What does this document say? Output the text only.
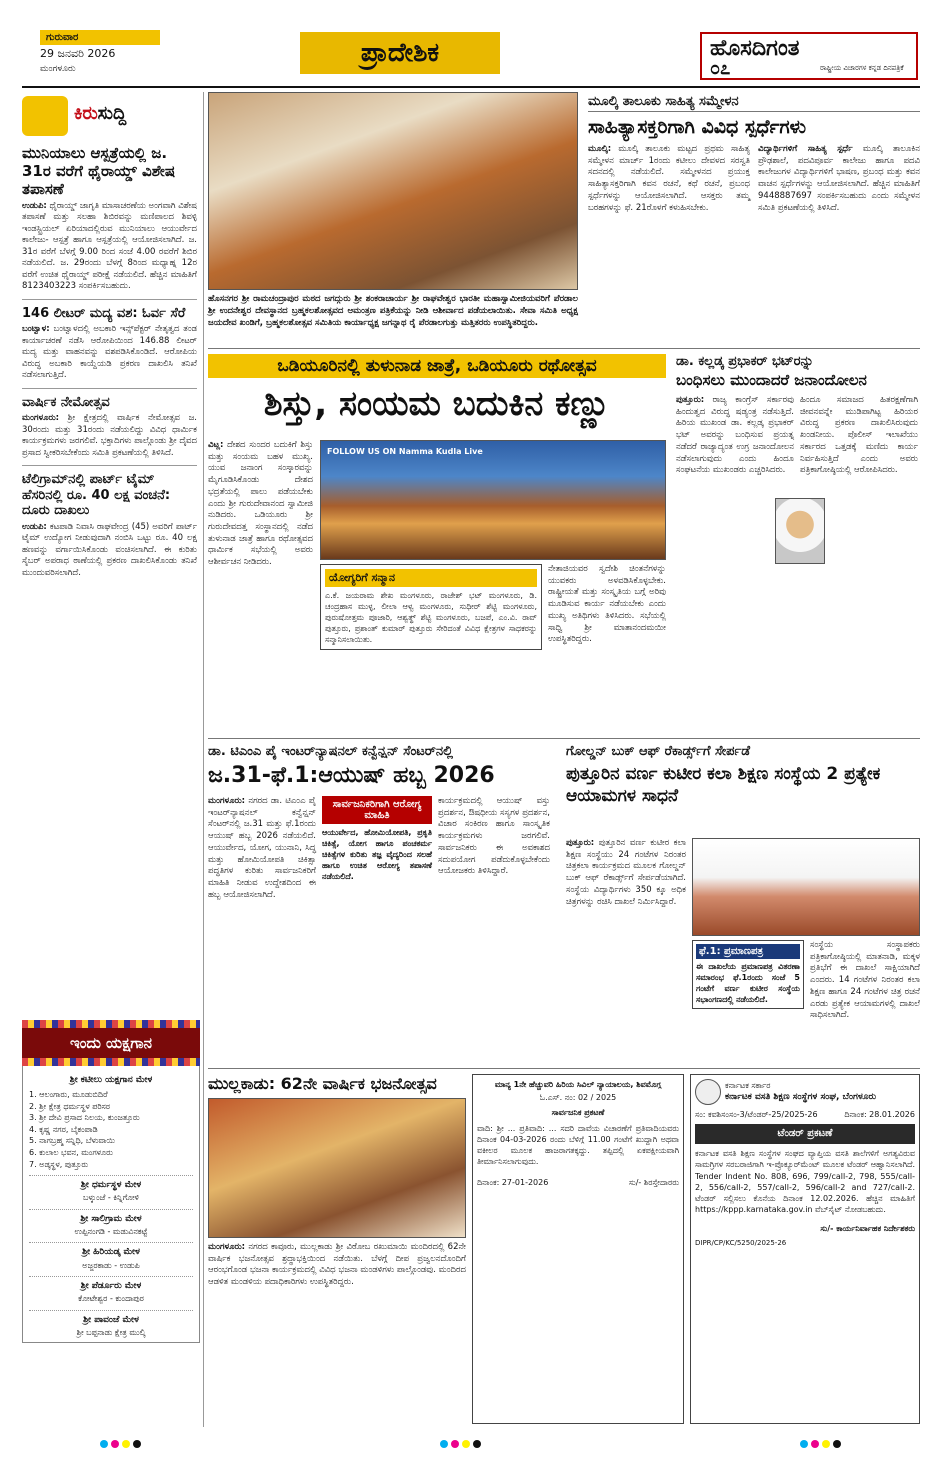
ಗುರುವಾರ
29 ಜನವರಿ 2026
ಮಂಗಳೂರು
ಪ್ರಾದೇಶಿಕ	ಹೊಸದಿಗಂತ
೦೭	ರಾಷ್ಟ್ರೀಯ ವಿಚಾರಗಳ ಕನ್ನಡ ದಿನಪತ್ರಿಕೆ
ಕಿರುಸುದ್ದಿ
ಮುನಿಯಾಲು ಆಸ್ಪತ್ರೆಯಲ್ಲಿ ಜ. 31ರ ವರೆಗೆ ಥೈರಾಯ್ಡ್ ವಿಶೇಷ ತಪಾಸಣೆ
ಉಡುಪಿ: ಥೈರಾಯ್ಡ್ ಜಾಗೃತಿ ಮಾಸಾಚರಣೆಯ ಅಂಗವಾಗಿ ವಿಶೇಷ ತಪಾಸಣೆ ಮತ್ತು ಸಲಹಾ ಶಿಬಿರವನ್ನು ಮಣಿಪಾಲದ ಶಿವಳ್ಳಿ ಇಂಡಸ್ಟ್ರಿಯಲ್ ಏರಿಯಾದಲ್ಲಿರುವ ಮುನಿಯಾಲು ಆಯುರ್ವೇದ ಕಾಲೇಜು- ಆಸ್ಪತ್ರೆ ಹಾಗೂ ಆಸ್ಪತ್ರೆಯಲ್ಲಿ ಆಯೋಜಿಸಲಾಗಿದೆ. ಜ. 31ರ ವರೆಗೆ ಬೆಳಗ್ಗೆ 9.00 ರಿಂದ ಸಂಜೆ 4.00 ರವರೆಗೆ ಶಿಬಿರ ನಡೆಯಲಿದೆ. ಜ. 29ರಂದು ಬೆಳಗ್ಗೆ 8ರಿಂದ ಮಧ್ಯಾಹ್ನ 12ರ ವರೆಗೆ ಉಚಿತ ಥೈರಾಯ್ಡ್ ಪರೀಕ್ಷೆ ನಡೆಯಲಿದೆ. ಹೆಚ್ಚಿನ ಮಾಹಿತಿಗೆ 8123403223 ಸಂಪರ್ಕಿಸಬಹುದು.
146 ಲೀಟರ್ ಮದ್ಯ ವಶ: ಓರ್ವ ಸೆರೆ
ಬಂಟ್ವಾಳ: ಬಂಟ್ವಾಳದಲ್ಲಿ ಅಬಕಾರಿ ಇನ್ಸ್‌ಪೆಕ್ಟರ್ ನೇತೃತ್ವದ ತಂಡ ಕಾರ್ಯಾಚರಣೆ ನಡೆಸಿ ಆರೋಪಿಯಿಂದ 146.88 ಲೀಟರ್ ಮದ್ಯ ಮತ್ತು ವಾಹನವನ್ನು ವಶಪಡಿಸಿಕೊಂಡಿದೆ. ಆರೋಪಿಯ ವಿರುದ್ಧ ಅಬಕಾರಿ ಕಾಯ್ದೆಯಡಿ ಪ್ರಕರಣ ದಾಖಲಿಸಿ ತನಿಖೆ ನಡೆಸಲಾಗುತ್ತಿದೆ.
ವಾರ್ಷಿಕ ನೇಮೋತ್ಸವ
ಮಂಗಳೂರು: ಶ್ರೀ ಕ್ಷೇತ್ರದಲ್ಲಿ ವಾರ್ಷಿಕ ನೇಮೋತ್ಸವ ಜ. 30ರಂದು ಮತ್ತು 31ರಂದು ನಡೆಯಲಿದ್ದು ವಿವಿಧ ಧಾರ್ಮಿಕ ಕಾರ್ಯಕ್ರಮಗಳು ಜರಗಲಿವೆ. ಭಕ್ತಾದಿಗಳು ಪಾಲ್ಗೊಂಡು ಶ್ರೀ ದೈವದ ಪ್ರಸಾದ ಸ್ವೀಕರಿಸಬೇಕೆಂದು ಸಮಿತಿ ಪ್ರಕಟಣೆಯಲ್ಲಿ ತಿಳಿಸಿದೆ.
ಟೆಲಿಗ್ರಾಮ್‌ನಲ್ಲಿ ಪಾರ್ಟ್ ಟೈಮ್ ಹೆಸರಿನಲ್ಲಿ ರೂ. 40 ಲಕ್ಷ ವಂಚನೆ: ದೂರು ದಾಖಲು
ಉಡುಪಿ: ಕಟಪಾಡಿ ನಿವಾಸಿ ರಾಘವೇಂದ್ರ (45) ಅವರಿಗೆ ಪಾರ್ಟ್ ಟೈಮ್ ಉದ್ಯೋಗ ನೀಡುವುದಾಗಿ ನಂಬಿಸಿ ಒಟ್ಟು ರೂ. 40 ಲಕ್ಷ ಹಣವನ್ನು ವರ್ಗಾಯಿಸಿಕೊಂಡು ವಂಚಿಸಲಾಗಿದೆ. ಈ ಕುರಿತು ಸೈಬರ್ ಅಪರಾಧ ಠಾಣೆಯಲ್ಲಿ ಪ್ರಕರಣ ದಾಖಲಿಸಿಕೊಂಡು ತನಿಖೆ ಮುಂದುವರಿಸಲಾಗಿದೆ.
ಇಂದು ಯಕ್ಷಗಾನ
ಶ್ರೀ ಕಟೀಲು ಯಕ್ಷಗಾನ ಮೇಳ
1. ಆಲಂಗಾರು, ಮೂಡುಬಿದಿರೆ
2. ಶ್ರೀ ಕ್ಷೇತ್ರ ಧರ್ಮಸ್ಥಳ ಪರಿಸರ
3. ಶ್ರೀ ದೇವಿ ಪ್ರಸಾದ ನಿಲಯ, ಕುಂಜತ್ತೂರು
4. ಕೃಷ್ಣ ನಗರ, ಬೈಕಂಪಾಡಿ
5. ನಾಗಬ್ರಹ್ಮ ಸನ್ನಿಧಿ, ಬೆಳುವಾಯಿ
6. ಕುಲಾಲ ಭವನ, ಮಂಗಳೂರು
7. ಅಡ್ಕಸ್ಥಳ, ಪುತ್ತೂರು
ಶ್ರೀ ಧರ್ಮಸ್ಥಳ ಮೇಳ
ಬಳ್ಕುಂಜೆ - ಕಿನ್ನಿಗೋಳಿ
ಶ್ರೀ ಸಾಲಿಗ್ರಾಮ ಮೇಳ
ಉಪ್ಪಿನಂಗಡಿ - ಮಡುವಿನಕಟ್ಟೆ
ಶ್ರೀ ಹಿರಿಯಡ್ಕ ಮೇಳ
ಅಜ್ಜರಕಾಡು - ಉಡುಪಿ
ಶ್ರೀ ಪೆರ್ಡೂರು ಮೇಳ
ಕೋಟೇಶ್ವರ - ಕುಂದಾಪುರ
ಶ್ರೀ ಪಾವಂಜೆ ಮೇಳ
ಶ್ರೀ ಬಪ್ಪನಾಡು ಕ್ಷೇತ್ರ ಮುಲ್ಕಿ
ಹೊಸನಗರ ಶ್ರೀ ರಾಮಚಂದ್ರಾಪುರ ಮಠದ ಜಗದ್ಗುರು ಶ್ರೀ ಶಂಕರಾಚಾರ್ಯ ಶ್ರೀ ರಾಘವೇಶ್ವರ ಭಾರತೀ ಮಹಾಸ್ವಾಮೀಜಿಯವರಿಗೆ ಪೆರಡಾಲ ಶ್ರೀ ಉದನೇಶ್ವರ ದೇವಸ್ಥಾನದ ಬ್ರಹ್ಮಕಲಶೋತ್ಸವದ ಆಮಂತ್ರಣ ಪತ್ರಿಕೆಯನ್ನು ನೀಡಿ ಆಶೀರ್ವಾದ ಪಡೆಯಲಾಯಿತು. ಸೇವಾ ಸಮಿತಿ ಅಧ್ಯಕ್ಷ ಜಯದೇವ ಖಂಡಿಗೆ, ಬ್ರಹ್ಮಕಲಶೋತ್ಸವ ಸಮಿತಿಯ ಕಾರ್ಯಾಧ್ಯಕ್ಷ ಜಗನ್ನಾಥ ರೈ ಪೆರಡಾಲಗುತ್ತು ಮತ್ತಿತರರು ಉಪಸ್ಥಿತರಿದ್ದರು.
ಮೂಲ್ಕಿ ತಾಲೂಕು ಸಾಹಿತ್ಯ ಸಮ್ಮೇಳನ
ಸಾಹಿತ್ಯಾಸಕ್ತರಿಗಾಗಿ ವಿವಿಧ ಸ್ಪರ್ಧೆಗಳು
ಮೂಲ್ಕಿ: ಮೂಲ್ಕಿ ತಾಲೂಕು ಮಟ್ಟದ ಪ್ರಥಮ ಸಾಹಿತ್ಯ ಸಮ್ಮೇಳನ ಮಾರ್ಚ್ 1ರಂದು ಕಟೀಲು ದೇವಳದ ಸರಸ್ವತಿ ಸದನದಲ್ಲಿ ನಡೆಯಲಿದೆ. ಸಮ್ಮೇಳನದ ಪ್ರಯುಕ್ತ ಸಾಹಿತ್ಯಾಸಕ್ತರಿಗಾಗಿ ಕವನ ರಚನೆ, ಕಥೆ ರಚನೆ, ಪ್ರಬಂಧ ಸ್ಪರ್ಧೆಗಳನ್ನು ಆಯೋಜಿಸಲಾಗಿದೆ. ಆಸಕ್ತರು ತಮ್ಮ ಬರಹಗಳನ್ನು ಫೆ. 21ರೊಳಗೆ ಕಳುಹಿಸಬೇಕು.
ವಿದ್ಯಾರ್ಥಿಗಳಿಗೆ ಸಾಹಿತ್ಯ ಸ್ಪರ್ಧೆ ಮೂಲ್ಕಿ ತಾಲೂಕಿನ ಪ್ರೌಢಶಾಲೆ, ಪದವಿಪೂರ್ವ ಕಾಲೇಜು ಹಾಗೂ ಪದವಿ ಕಾಲೇಜುಗಳ ವಿದ್ಯಾರ್ಥಿಗಳಿಗೆ ಭಾಷಣ, ಪ್ರಬಂಧ ಮತ್ತು ಕವನ ವಾಚನ ಸ್ಪರ್ಧೆಗಳನ್ನು ಆಯೋಜಿಸಲಾಗಿದೆ. ಹೆಚ್ಚಿನ ಮಾಹಿತಿಗೆ 9448887697 ಸಂಪರ್ಕಿಸಬಹುದು ಎಂದು ಸಮ್ಮೇಳನ ಸಮಿತಿ ಪ್ರಕಟಣೆಯಲ್ಲಿ ತಿಳಿಸಿದೆ.
ಒಡಿಯೂರಿನಲ್ಲಿ ತುಳುನಾಡ ಜಾತ್ರೆ, ಒಡಿಯೂರು ರಥೋತ್ಸವ
ಶಿಸ್ತು, ಸಂಯಮ ಬದುಕಿನ ಕಣ್ಣು
ವಿಟ್ಲ: ದೇಶದ ಸುಂದರ ಬದುಕಿಗೆ ಶಿಸ್ತು ಮತ್ತು ಸಂಯಮ ಬಹಳ ಮುಖ್ಯ. ಯುವ ಜನಾಂಗ ಸಂಸ್ಕಾರವನ್ನು ಮೈಗೂಡಿಸಿಕೊಂಡು ದೇಶದ ಭದ್ರತೆಯಲ್ಲಿ ಪಾಲು ಪಡೆಯಬೇಕು ಎಂದು ಶ್ರೀ ಗುರುದೇವಾನಂದ ಸ್ವಾಮೀಜಿ ನುಡಿದರು. ಒಡಿಯೂರು ಶ್ರೀ ಗುರುದೇವದತ್ತ ಸಂಸ್ಥಾನದಲ್ಲಿ ನಡೆದ ತುಳುನಾಡ ಜಾತ್ರೆ ಹಾಗೂ ರಥೋತ್ಸವದ ಧಾರ್ಮಿಕ ಸಭೆಯಲ್ಲಿ ಅವರು ಆಶೀರ್ವಚನ ನೀಡಿದರು.
FOLLOW US ON Namma Kudla Live
ಯೋಗ್ಯರಿಗೆ ಸನ್ಮಾನ
ಎ.ಕೆ. ಜಯರಾಮ ಶೇಖ ಮಂಗಳೂರು, ರಾಜೇಶ್ ಭಟ್ ಮಂಗಳೂರು, ಡಿ. ಚಂದ್ರಹಾಸ ಮುಳ್ಳ, ಲೀಲಾ ಆಳ್ವ ಮಂಗಳೂರು, ಸುಧೀರ್ ಶೆಟ್ಟಿ ಮಂಗಳೂರು, ಪುರುಷೋತ್ತಮ ಪೂಜಾರಿ, ಆಶ್ವತ್ಥ್ ಶೆಟ್ಟಿ ಮಂಗಳೂರು, ಬಜಪೆ, ಎಂ.ವಿ. ರಾವ್ ಪುತ್ತೂರು, ಪ್ರಶಾಂತ್ ಕುಮಾರ್ ಪುತ್ತೂರು ಸೇರಿದಂತೆ ವಿವಿಧ ಕ್ಷೇತ್ರಗಳ ಸಾಧಕರನ್ನು ಸನ್ಮಾನಿಸಲಾಯಿತು.
ನೇತಾಜಿಯವರ ಸ್ವದೇಶಿ ಚಿಂತನೆಗಳನ್ನು ಯುವಕರು ಅಳವಡಿಸಿಕೊಳ್ಳಬೇಕು. ರಾಷ್ಟ್ರೀಯತೆ ಮತ್ತು ಸಂಸ್ಕೃತಿಯ ಬಗ್ಗೆ ಅರಿವು ಮೂಡಿಸುವ ಕಾರ್ಯ ನಡೆಯಬೇಕು ಎಂದು ಮುಖ್ಯ ಅತಿಥಿಗಳು ತಿಳಿಸಿದರು. ಸಭೆಯಲ್ಲಿ ಸಾಧ್ವಿ ಶ್ರೀ ಮಾತಾನಂದಮಯೀ ಉಪಸ್ಥಿತರಿದ್ದರು.
ಡಾ. ಕಲ್ಲಡ್ಕ ಪ್ರಭಾಕರ್ ಭಟ್‌ರನ್ನು
ಬಂಧಿಸಲು ಮುಂದಾದರೆ ಜನಾಂದೋಲನ
ಪುತ್ತೂರು: ರಾಜ್ಯ ಕಾಂಗ್ರೆಸ್ ಸರ್ಕಾರವು ಹಿಂದುತ್ವದ ವಿರುದ್ಧ ಷಡ್ಯಂತ್ರ ನಡೆಸುತ್ತಿದೆ. ಹಿರಿಯ ಮುಖಂಡ ಡಾ. ಕಲ್ಲಡ್ಕ ಪ್ರಭಾಕರ್ ಭಟ್ ಅವರನ್ನು ಬಂಧಿಸುವ ಪ್ರಯತ್ನ ನಡೆದರೆ ರಾಜ್ಯಾದ್ಯಂತ ಉಗ್ರ ಜನಾಂದೋಲನ ನಡೆಸಲಾಗುವುದು ಎಂದು ಹಿಂದೂ ಸಂಘಟನೆಯ ಮುಖಂಡರು ಎಚ್ಚರಿಸಿದರು.
ಹಿಂದೂ ಸಮಾಜದ ಹಿತರಕ್ಷಣೆಗಾಗಿ ಜೀವನವನ್ನೇ ಮುಡಿಪಾಗಿಟ್ಟ ಹಿರಿಯರ ವಿರುದ್ಧ ಪ್ರಕರಣ ದಾಖಲಿಸಿರುವುದು ಖಂಡನೀಯ. ಪೊಲೀಸ್ ಇಲಾಖೆಯು ಸರ್ಕಾರದ ಒತ್ತಡಕ್ಕೆ ಮಣಿದು ಕಾರ್ಯ ನಿರ್ವಹಿಸುತ್ತಿದೆ ಎಂದು ಅವರು ಪತ್ರಿಕಾಗೋಷ್ಠಿಯಲ್ಲಿ ಆರೋಪಿಸಿದರು.
ಡಾ. ಟಿಎಂಎ ಪೈ ಇಂಟರ್‌ನ್ಯಾಷನಲ್ ಕನ್ವೆನ್ಷನ್ ಸೆಂಟರ್‌ನಲ್ಲಿ
ಜ.31-ಫೆ.1:ಆಯುಷ್ ಹಬ್ಬ 2026
ಮಂಗಳೂರು: ನಗರದ ಡಾ. ಟಿಎಂಎ ಪೈ ಇಂಟರ್‌ನ್ಯಾಷನಲ್ ಕನ್ವೆನ್ಷನ್ ಸೆಂಟರ್‌ನಲ್ಲಿ ಜ.31 ಮತ್ತು ಫೆ.1ರಂದು ಆಯುಷ್ ಹಬ್ಬ 2026 ನಡೆಯಲಿದೆ. ಆಯುರ್ವೇದ, ಯೋಗ, ಯುನಾನಿ, ಸಿದ್ಧ ಮತ್ತು ಹೋಮಿಯೋಪತಿ ಚಿಕಿತ್ಸಾ ಪದ್ಧತಿಗಳ ಕುರಿತು ಸಾರ್ವಜನಿಕರಿಗೆ ಮಾಹಿತಿ ನೀಡುವ ಉದ್ದೇಶದಿಂದ ಈ ಹಬ್ಬ ಆಯೋಜಿಸಲಾಗಿದೆ.
ಸಾರ್ವಜನಿಕರಿಗಾಗಿ ಆರೋಗ್ಯ ಮಾಹಿತಿ
ಆಯುರ್ವೇದ, ಹೋಮಿಯೋಪತಿ, ಪ್ರಕೃತಿ ಚಿಕಿತ್ಸೆ, ಯೋಗ ಹಾಗೂ ಪಂಚಕರ್ಮ ಚಿಕಿತ್ಸೆಗಳ ಕುರಿತು ತಜ್ಞ ವೈದ್ಯರಿಂದ ಸಲಹೆ ಹಾಗೂ ಉಚಿತ ಆರೋಗ್ಯ ತಪಾಸಣೆ ನಡೆಯಲಿದೆ.
ಕಾರ್ಯಕ್ರಮದಲ್ಲಿ ಆಯುಷ್ ವಸ್ತು ಪ್ರದರ್ಶನ, ಔಷಧೀಯ ಸಸ್ಯಗಳ ಪ್ರದರ್ಶನ, ವಿಚಾರ ಸಂಕಿರಣ ಹಾಗೂ ಸಾಂಸ್ಕೃತಿಕ ಕಾರ್ಯಕ್ರಮಗಳು ಜರಗಲಿವೆ. ಸಾರ್ವಜನಿಕರು ಈ ಅವಕಾಶದ ಸದುಪಯೋಗ ಪಡೆದುಕೊಳ್ಳಬೇಕೆಂದು ಆಯೋಜಕರು ತಿಳಿಸಿದ್ದಾರೆ.
ಗೋಲ್ಡನ್ ಬುಕ್ ಆಫ್ ರೆಕಾರ್ಡ್ಸ್‌ಗೆ ಸೇರ್ಪಡೆ
ಪುತ್ತೂರಿನ ವರ್ಣ ಕುಟೀರ ಕಲಾ ಶಿಕ್ಷಣ ಸಂಸ್ಥೆಯ 2 ಪ್ರತ್ಯೇಕ ಆಯಾಮಗಳ ಸಾಧನೆ
ಪುತ್ತೂರು: ಪುತ್ತೂರಿನ ವರ್ಣ ಕುಟೀರ ಕಲಾ ಶಿಕ್ಷಣ ಸಂಸ್ಥೆಯು 24 ಗಂಟೆಗಳ ನಿರಂತರ ಚಿತ್ರಕಲಾ ಕಾರ್ಯಕ್ರಮದ ಮೂಲಕ ಗೋಲ್ಡನ್ ಬುಕ್ ಆಫ್ ರೆಕಾರ್ಡ್ಸ್‌ಗೆ ಸೇರ್ಪಡೆಯಾಗಿದೆ. ಸಂಸ್ಥೆಯ ವಿದ್ಯಾರ್ಥಿಗಳು 350 ಕ್ಕೂ ಅಧಿಕ ಚಿತ್ರಗಳನ್ನು ರಚಿಸಿ ದಾಖಲೆ ನಿರ್ಮಿಸಿದ್ದಾರೆ.
ಫೆ.1: ಪ್ರಮಾಣಪತ್ರ
ಈ ದಾಖಲೆಯ ಪ್ರಮಾಣಪತ್ರ ವಿತರಣಾ ಸಮಾರಂಭ ಫೆ.1ರಂದು ಸಂಜೆ 5 ಗಂಟೆಗೆ ವರ್ಣ ಕುಟೀರ ಸಂಸ್ಥೆಯ ಸಭಾಂಗಣದಲ್ಲಿ ನಡೆಯಲಿದೆ.
ಸಂಸ್ಥೆಯ ಸಂಸ್ಥಾಪಕರು ಪತ್ರಿಕಾಗೋಷ್ಠಿಯಲ್ಲಿ ಮಾತನಾಡಿ, ಮಕ್ಕಳ ಪ್ರತಿಭೆಗೆ ಈ ದಾಖಲೆ ಸಾಕ್ಷಿಯಾಗಿದೆ ಎಂದರು. 14 ಗಂಟೆಗಳ ನಿರಂತರ ಕಲಾ ಶಿಕ್ಷಣ ಹಾಗೂ 24 ಗಂಟೆಗಳ ಚಿತ್ರ ರಚನೆ ಎರಡು ಪ್ರತ್ಯೇಕ ಆಯಾಮಗಳಲ್ಲಿ ದಾಖಲೆ ಸಾಧಿಸಲಾಗಿದೆ.
ಮುಲ್ಲಕಾಡು: 62ನೇ ವಾರ್ಷಿಕ ಭಜನೋತ್ಸವ
ಮಂಗಳೂರು: ನಗರದ ಕಾವೂರು, ಮುಲ್ಲಕಾಡು ಶ್ರೀ ವಿಠೋಬ ರಖುಮಾಯಿ ಮಂದಿರದಲ್ಲಿ 62ನೇ ವಾರ್ಷಿಕ ಭಜನೋತ್ಸವ ಶ್ರದ್ಧಾಭಕ್ತಿಯಿಂದ ನಡೆಯಿತು. ಬೆಳಗ್ಗೆ ದೀಪ ಪ್ರಜ್ವಲನದೊಂದಿಗೆ ಆರಂಭಗೊಂಡ ಭಜನಾ ಕಾರ್ಯಕ್ರಮದಲ್ಲಿ ವಿವಿಧ ಭಜನಾ ಮಂಡಳಿಗಳು ಪಾಲ್ಗೊಂಡವು. ಮಂದಿರದ ಆಡಳಿತ ಮಂಡಳಿಯ ಪದಾಧಿಕಾರಿಗಳು ಉಪಸ್ಥಿತರಿದ್ದರು.
ಮಾನ್ಯ 1ನೇ ಹೆಚ್ಚುವರಿ ಹಿರಿಯ ಸಿವಿಲ್ ನ್ಯಾಯಾಲಯ, ಶಿವಮೊಗ್ಗ
ಓ.ಎಸ್. ನಂ: 02 / 2025
ಸಾರ್ವಜನಿಕ ಪ್ರಕಟಣೆ
ವಾದಿ: ಶ್ರೀ ... ಪ್ರತಿವಾದಿ: ... ಸದರಿ ದಾವೆಯ ವಿಚಾರಣೆಗೆ ಪ್ರತಿವಾದಿಯವರು ದಿನಾಂಕ 04-03-2026 ರಂದು ಬೆಳಿಗ್ಗೆ 11.00 ಗಂಟೆಗೆ ಖುದ್ದಾಗಿ ಅಥವಾ ವಕೀಲರ ಮೂಲಕ ಹಾಜರಾಗತಕ್ಕದ್ದು. ತಪ್ಪಿದಲ್ಲಿ ಏಕಪಕ್ಷೀಯವಾಗಿ ತೀರ್ಮಾನಿಸಲಾಗುವುದು.
ದಿನಾಂಕ: 27-01-2026	ಸು/- ಶಿರಸ್ತೇದಾರರು
ಕರ್ನಾಟಕ ಸರ್ಕಾರ
ಕರ್ನಾಟಕ ವಸತಿ ಶಿಕ್ಷಣ ಸಂಸ್ಥೆಗಳ ಸಂಘ, ಬೆಂಗಳೂರು
ಸಂ: ಕವಶಿಸಂಸಂ-3/ಟೆಂಡರ್-25/2025-26	ದಿನಾಂಕ: 28.01.2026
ಟೆಂಡರ್ ಪ್ರಕಟಣೆ
ಕರ್ನಾಟಕ ವಸತಿ ಶಿಕ್ಷಣ ಸಂಸ್ಥೆಗಳ ಸಂಘದ ವ್ಯಾಪ್ತಿಯ ವಸತಿ ಶಾಲೆಗಳಿಗೆ ಅಗತ್ಯವಿರುವ ಸಾಮಗ್ರಿಗಳ ಸರಬರಾಜಿಗಾಗಿ ಇ-ಪ್ರೊಕ್ಯೂರ್‌ಮೆಂಟ್ ಮೂಲಕ ಟೆಂಡರ್ ಆಹ್ವಾನಿಸಲಾಗಿದೆ. Tender Indent No. 808, 696, 799/call-2, 798, 555/call-2, 556/call-2, 557/call-2, 596/call-2 and 727/call-2. ಟೆಂಡರ್ ಸಲ್ಲಿಸಲು ಕೊನೆಯ ದಿನಾಂಕ 12.02.2026. ಹೆಚ್ಚಿನ ಮಾಹಿತಿಗೆ https://kppp.karnataka.gov.in ವೆಬ್‌ಸೈಟ್ ನೋಡಬಹುದು.
ಸು/- ಕಾರ್ಯನಿರ್ವಾಹಕ ನಿರ್ದೇಶಕರು
DIPR/CP/KC/5250/2025-26
